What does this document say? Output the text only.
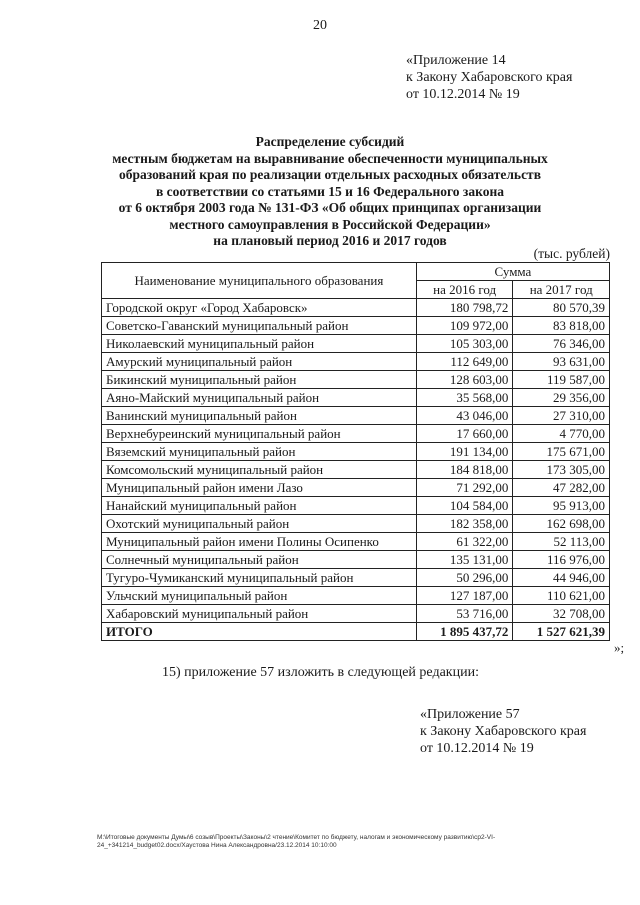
20
«Приложение 14
к Закону Хабаровского края
от 10.12.2014 № 19
Распределение субсидий
местным бюджетам на выравнивание обеспеченности муниципальных
образований края по реализации отдельных расходных обязательств
в соответствии со статьями 15 и 16 Федерального закона
от 6 октября 2003 года № 131-ФЗ «Об общих принципах организации
местного самоуправления в Российской Федерации»
на плановый период 2016 и 2017 годов
(тыс. рублей)
Наименование муниципального образования	Сумма	
	на 2016 год	на 2017 год
Городской округ «Город Хабаровск»	180 798,72	80 570,39
Советско-Гаванский муниципальный район	109 972,00	83 818,00
Николаевский муниципальный район	105 303,00	76 346,00
Амурский муниципальный район	112 649,00	93 631,00
Бикинский муниципальный район	128 603,00	119 587,00
Аяно-Майский муниципальный район	35 568,00	29 356,00
Ванинский муниципальный район	43 046,00	27 310,00
Верхнебуреинский муниципальный район	17 660,00	4 770,00
Вяземский муниципальный район	191 134,00	175 671,00
Комсомольский муниципальный район	184 818,00	173 305,00
Муниципальный район имени Лазо	71 292,00	47 282,00
Нанайский муниципальный район	104 584,00	95 913,00
Охотский муниципальный район	182 358,00	162 698,00
Муниципальный район имени Полины Осипенко	61 322,00	52 113,00
Солнечный муниципальный район	135 131,00	116 976,00
Тугуро-Чумиканский муниципальный район	50 296,00	44 946,00
Ульчский муниципальный район	127 187,00	110 621,00
Хабаровский муниципальный район	53 716,00	32 708,00
ИТОГО	1 895 437,72	1 527 621,39
»;
15) приложение 57 изложить в следующей редакции:
«Приложение 57
к Закону Хабаровского края
от 10.12.2014 № 19
M:\Итоговые документы Думы\6 созыв\Проекты\Законы\2 чтение\Комитет по бюджету, налогам и экономическому развитию\ср2-VI-
24_+341214_budget02.docx/Хаустова Нина Александровна/23.12.2014 10:10:00
